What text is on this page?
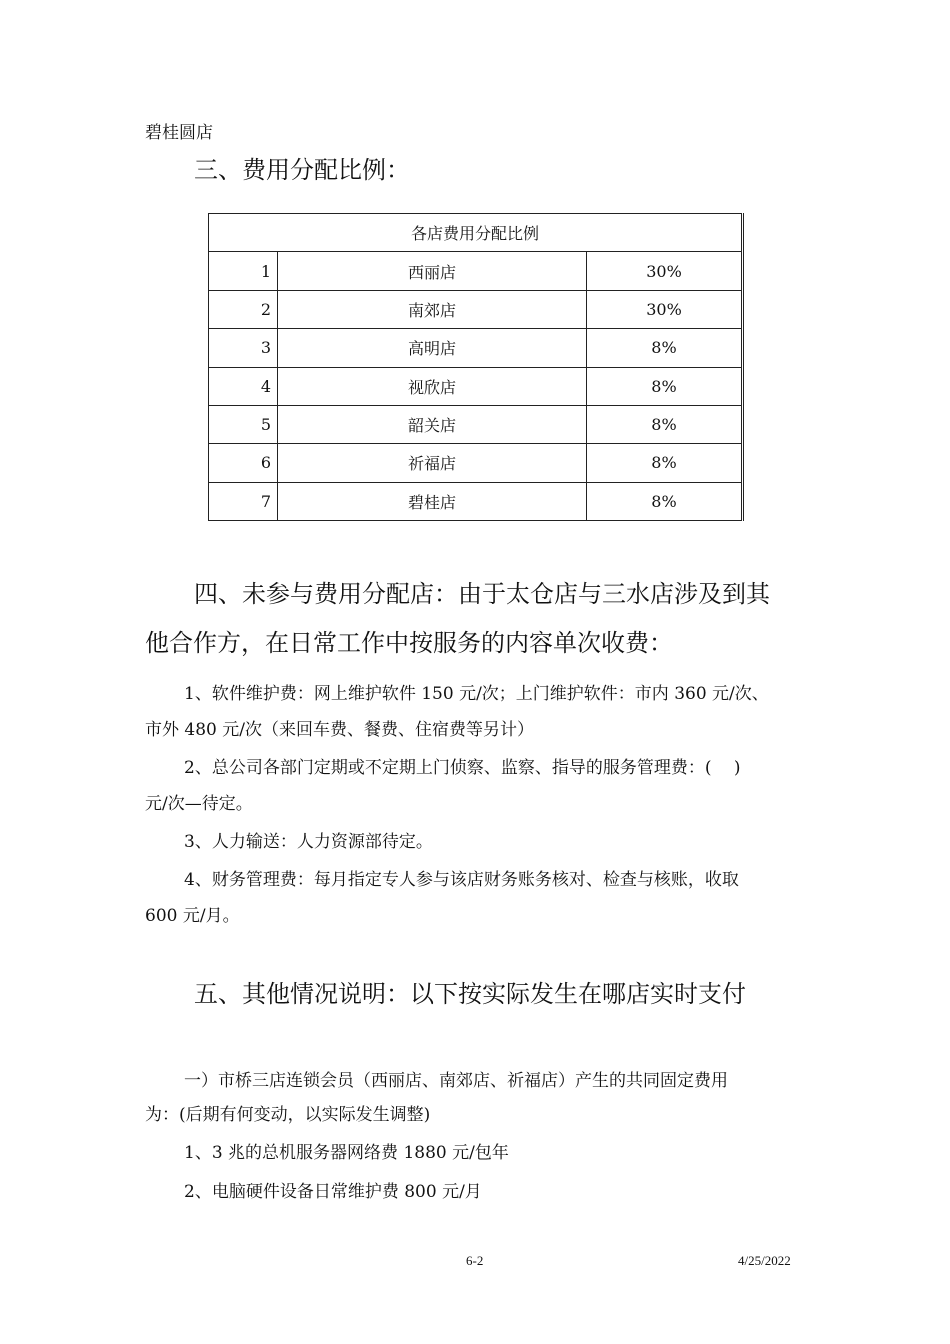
碧桂圆店
三、费用分配比例：
各店费用分配比例		
1	西丽店	30%
2	南郊店	30%
3	高明店	8%
4	视欣店	8%
5	韶关店	8%
6	祈福店	8%
7	碧桂店	8%
四、未参与费用分配店：由于太仓店与三水店涉及到其
他合作方，在日常工作中按服务的内容单次收费：
1、软件维护费：网上维护软件 150 元/次；上门维护软件：市内 360 元/次、
市外 480 元/次（来回车费、餐费、住宿费等另计）
2、总公司各部门定期或不定期上门侦察、监察、指导的服务管理费：(　 )
元/次—待定。
3、人力输送：人力资源部待定。
4、财务管理费：每月指定专人参与该店财务账务核对、检查与核账，收取
600 元/月。
五、其他情况说明：以下按实际发生在哪店实时支付
一）市桥三店连锁会员（西丽店、南郊店、祈福店）产生的共同固定费用
为：(后期有何变动，以实际发生调整)
1、3 兆的总机服务器网络费 1880 元/包年
2、电脑硬件设备日常维护费 800 元/月
6-2	4/25/2022
